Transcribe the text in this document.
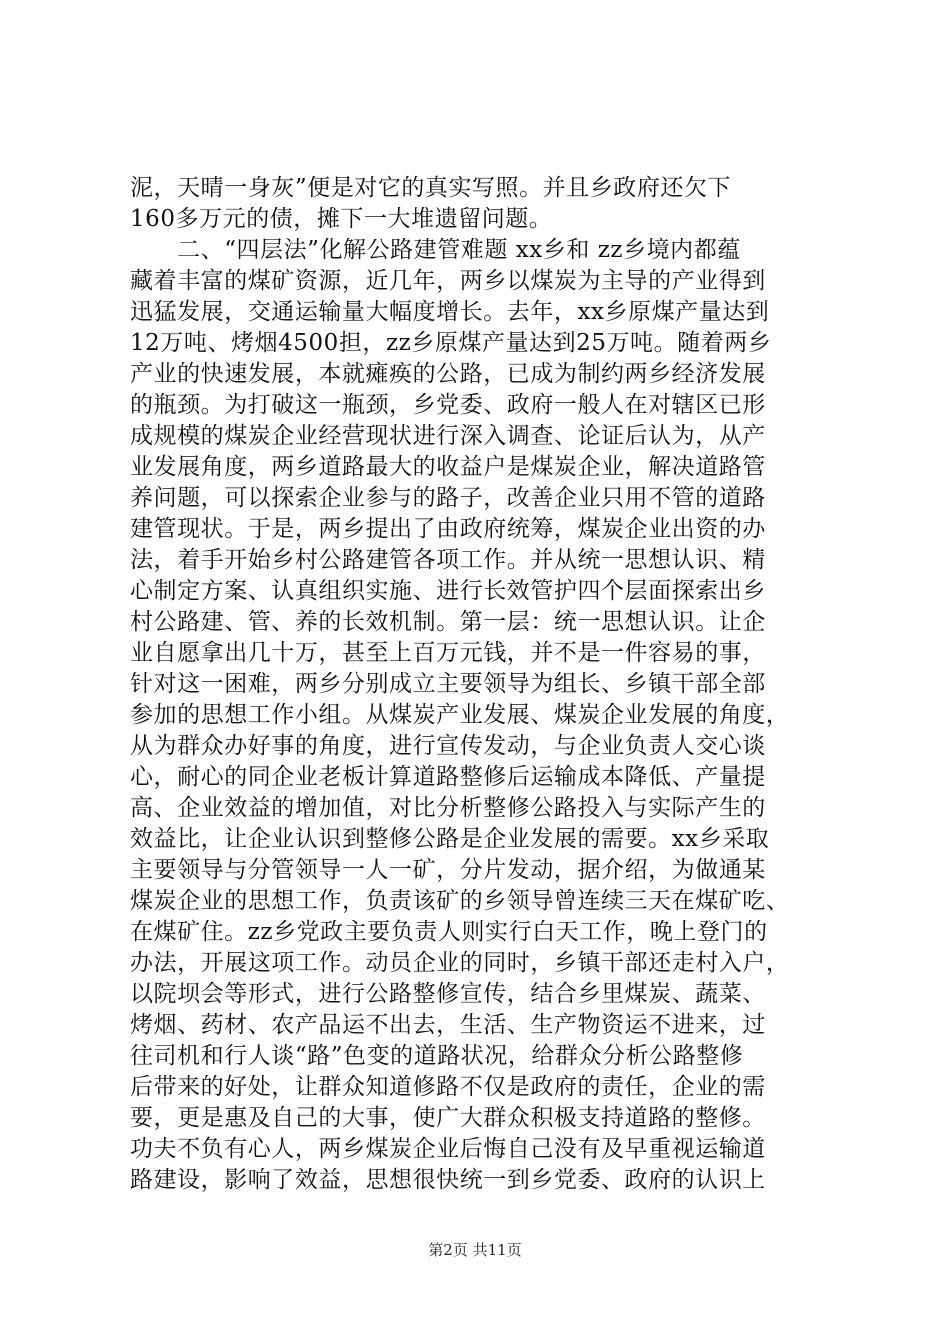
泥，天晴一身灰”便是对它的真实写照。并且乡政府还欠下
160多万元的债，摊下一大堆遗留问题。
　　二、“四层法”化解公路建管难题 xx乡和 zz乡境内都蕴
藏着丰富的煤矿资源，近几年，两乡以煤炭为主导的产业得到
迅猛发展，交通运输量大幅度增长。去年，xx乡原煤产量达到
12万吨、烤烟4500担，zz乡原煤产量达到25万吨。随着两乡
产业的快速发展，本就瘫痪的公路，已成为制约两乡经济发展
的瓶颈。为打破这一瓶颈，乡党委、政府一般人在对辖区已形
成规模的煤炭企业经营现状进行深入调查、论证后认为，从产
业发展角度，两乡道路最大的收益户是煤炭企业，解决道路管
养问题，可以探索企业参与的路子，改善企业只用不管的道路
建管现状。于是，两乡提出了由政府统筹，煤炭企业出资的办
法，着手开始乡村公路建管各项工作。并从统一思想认识、精
心制定方案、认真组织实施、进行长效管护四个层面探索出乡
村公路建、管、养的长效机制。第一层：统一思想认识。让企
业自愿拿出几十万，甚至上百万元钱，并不是一件容易的事，
针对这一困难，两乡分别成立主要领导为组长、乡镇干部全部
参加的思想工作小组。从煤炭产业发展、煤炭企业发展的角度，
从为群众办好事的角度，进行宣传发动，与企业负责人交心谈
心，耐心的同企业老板计算道路整修后运输成本降低、产量提
高、企业效益的增加值，对比分析整修公路投入与实际产生的
效益比，让企业认识到整修公路是企业发展的需要。xx乡采取
主要领导与分管领导一人一矿，分片发动，据介绍，为做通某
煤炭企业的思想工作，负责该矿的乡领导曾连续三天在煤矿吃、
在煤矿住。zz乡党政主要负责人则实行白天工作，晚上登门的
办法，开展这项工作。动员企业的同时，乡镇干部还走村入户，
以院坝会等形式，进行公路整修宣传，结合乡里煤炭、蔬菜、
烤烟、药材、农产品运不出去，生活、生产物资运不进来，过
往司机和行人谈“路”色变的道路状况，给群众分析公路整修
后带来的好处，让群众知道修路不仅是政府的责任，企业的需
要，更是惠及自己的大事，使广大群众积极支持道路的整修。
功夫不负有心人，两乡煤炭企业后悔自己没有及早重视运输道
路建设，影响了效益，思想很快统一到乡党委、政府的认识上
第2页 共11页
